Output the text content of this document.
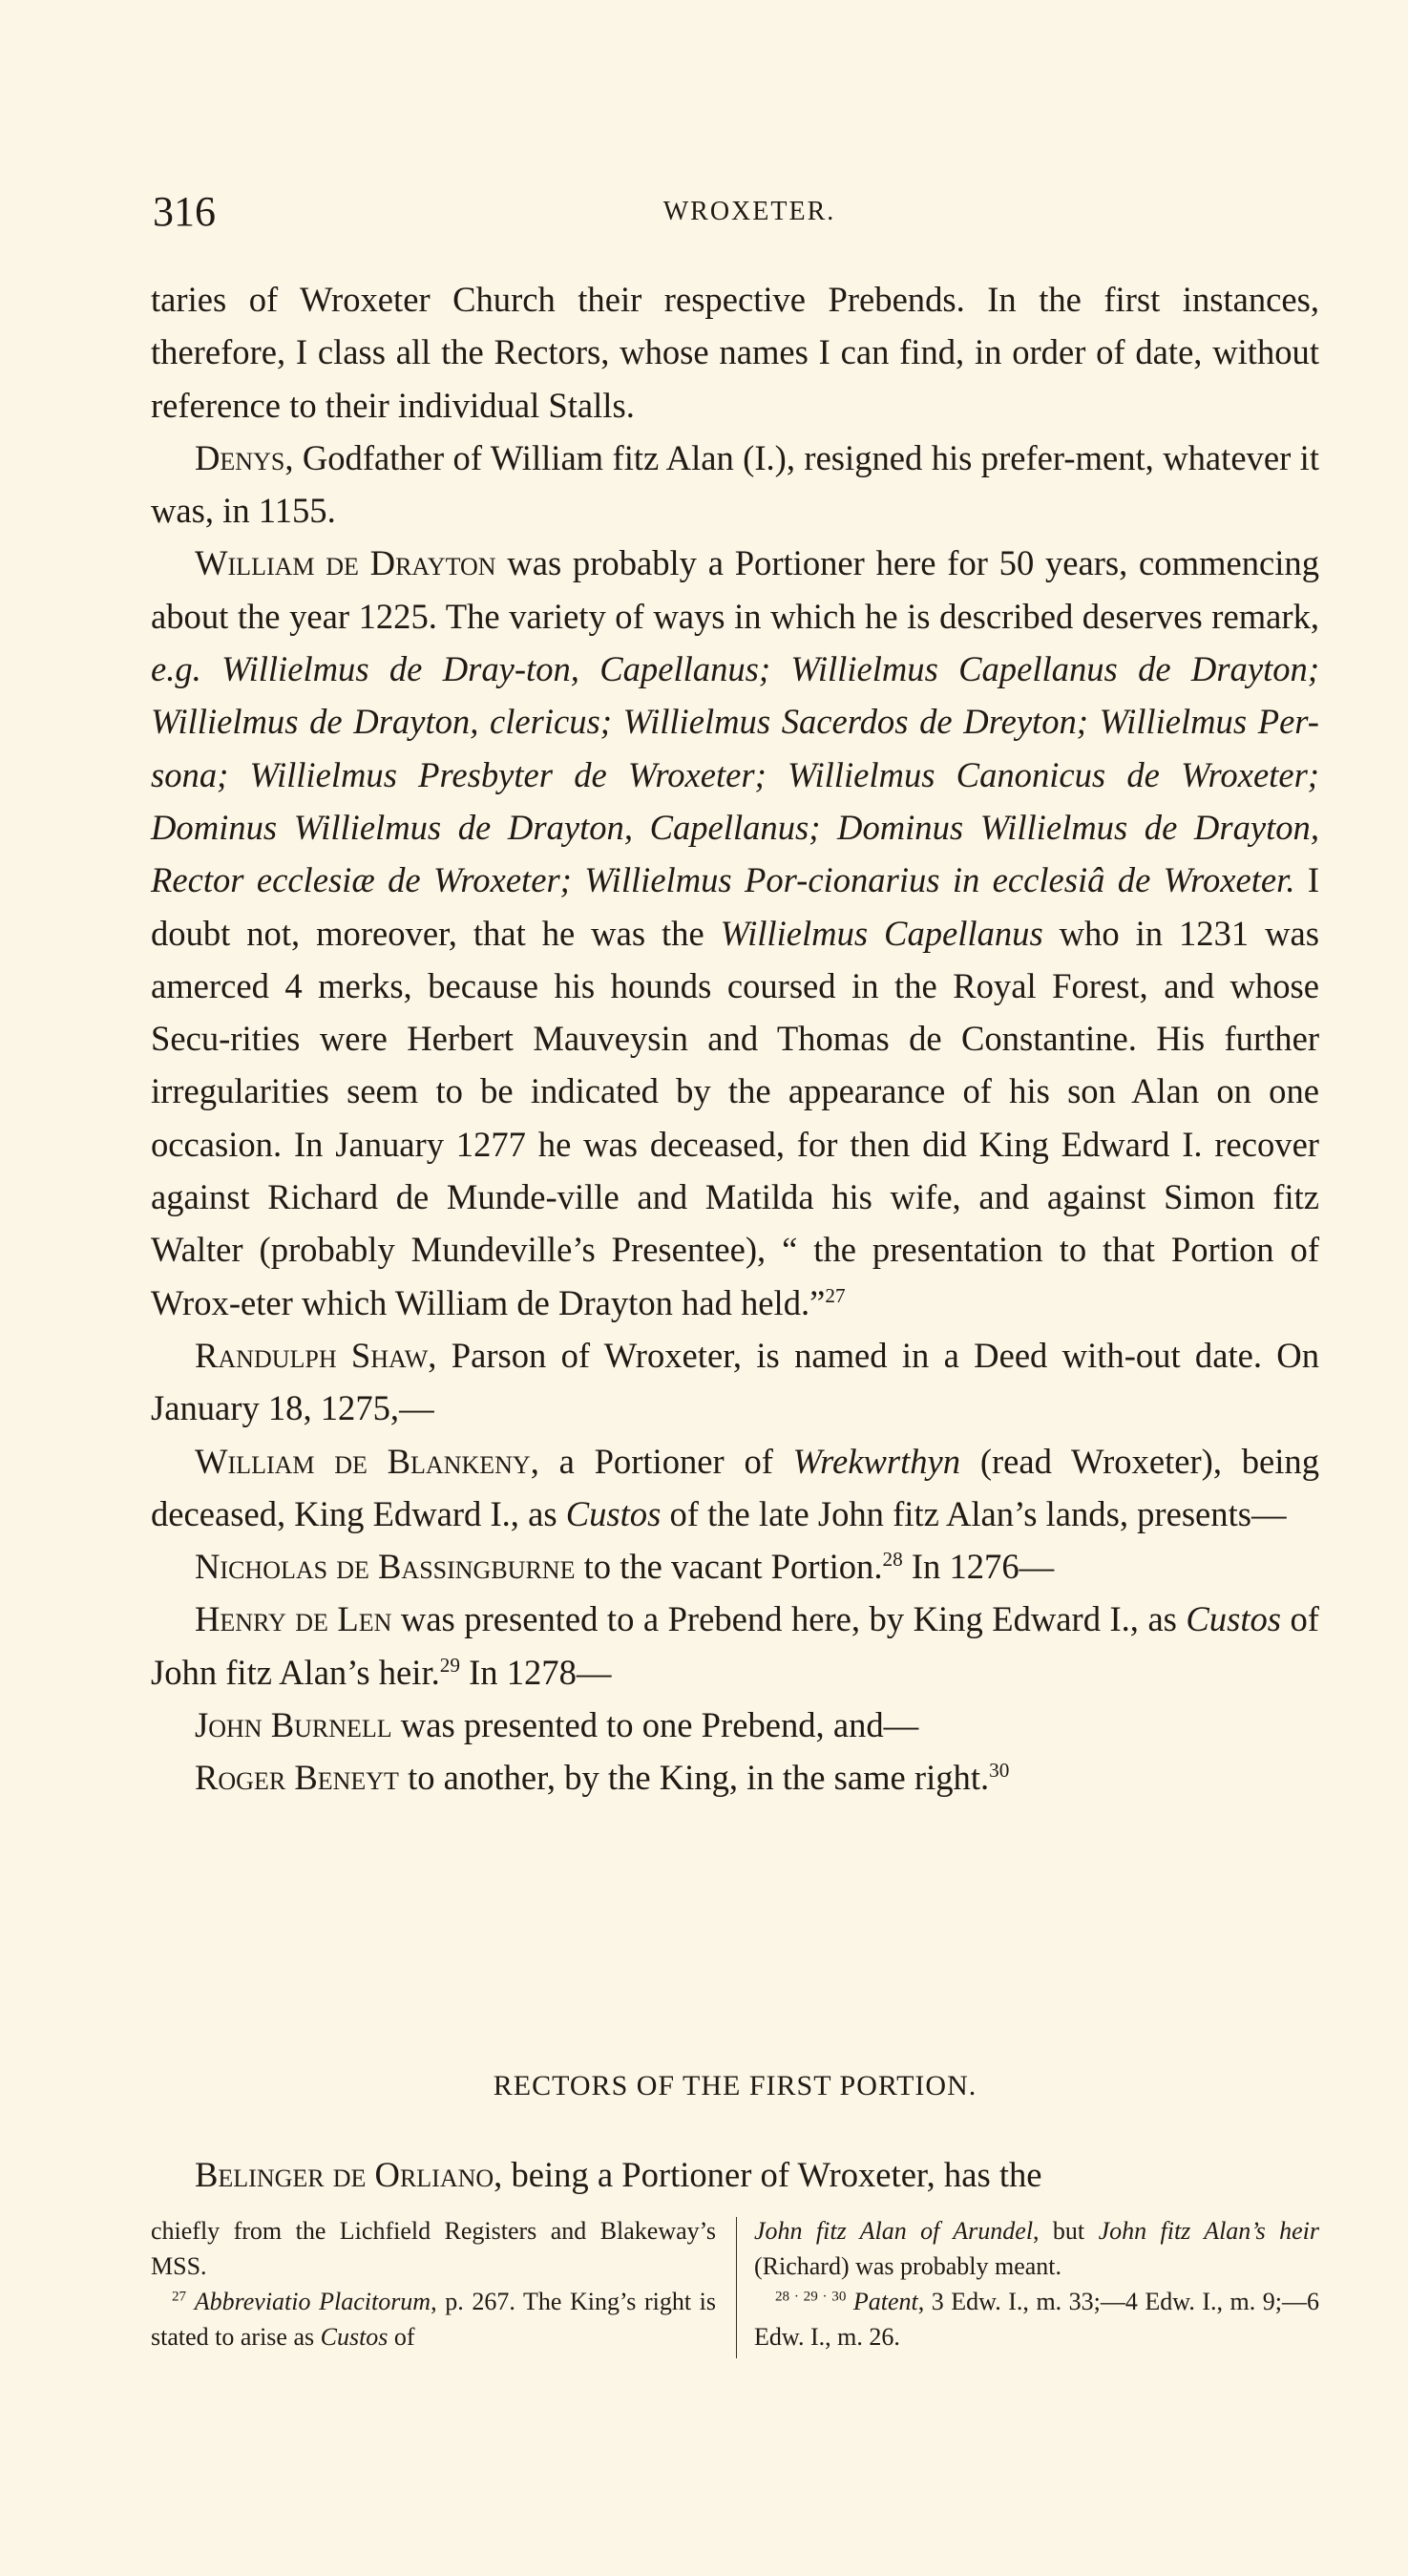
316	WROXETER.

taries of Wroxeter Church their respective Prebends. In the first instances, therefore, I class all the Rectors, whose names I can find, in order of date, without reference to their individual Stalls.

Denys, Godfather of William fitz Alan (I.), resigned his prefer-ment, whatever it was, in 1155.

William de Drayton was probably a Portioner here for 50 years, commencing about the year 1225. The variety of ways in which he is described deserves remark, e.g. Willielmus de Dray-ton, Capellanus; Willielmus Capellanus de Drayton; Willielmus de Drayton, clericus; Willielmus Sacerdos de Dreyton; Willielmus Per-sona; Willielmus Presbyter de Wroxeter; Willielmus Canonicus de Wroxeter; Dominus Willielmus de Drayton, Capellanus; Dominus Willielmus de Drayton, Rector ecclesiæ de Wroxeter; Willielmus Por-cionarius in ecclesiâ de Wroxeter. I doubt not, moreover, that he was the Willielmus Capellanus who in 1231 was amerced 4 merks, because his hounds coursed in the Royal Forest, and whose Secu-rities were Herbert Mauveysin and Thomas de Constantine. His further irregularities seem to be indicated by the appearance of his son Alan on one occasion. In January 1277 he was deceased, for then did King Edward I. recover against Richard de Munde-ville and Matilda his wife, and against Simon fitz Walter (probably Mundeville’s Presentee), “ the presentation to that Portion of Wrox-eter which William de Drayton had held.”$^{27}$

Randulph Shaw, Parson of Wroxeter, is named in a Deed with-out date. On January 18, 1275,—

William de Blankeny, a Portioner of Wrekwrthyn (read Wroxeter), being deceased, King Edward I., as Custos of the late John fitz Alan’s lands, presents—

Nicholas de Bassingburne to the vacant Portion.$^{28}$ In 1276—

Henry de Len was presented to a Prebend here, by King Edward I., as Custos of John fitz Alan’s heir.$^{29}$ In 1278—

John Burnell was presented to one Prebend, and—

Roger Beneyt to another, by the King, in the same right.$^{30}$

RECTORS OF THE FIRST PORTION.

Belinger de Orliano, being a Portioner of Wroxeter, has the

chiefly from the Lichfield Registers and Blakeway’s MSS.

$^{27}$ Abbreviatio Placitorum, p. 267. The King’s right is stated to arise as Custos of

John fitz Alan of Arundel, but John fitz Alan’s heir (Richard) was probably meant.

$^{28 \cdot 29 \cdot 30}$ Patent, 3 Edw. I., m. 33;—4 Edw. I., m. 9;—6 Edw. I., m. 26.
